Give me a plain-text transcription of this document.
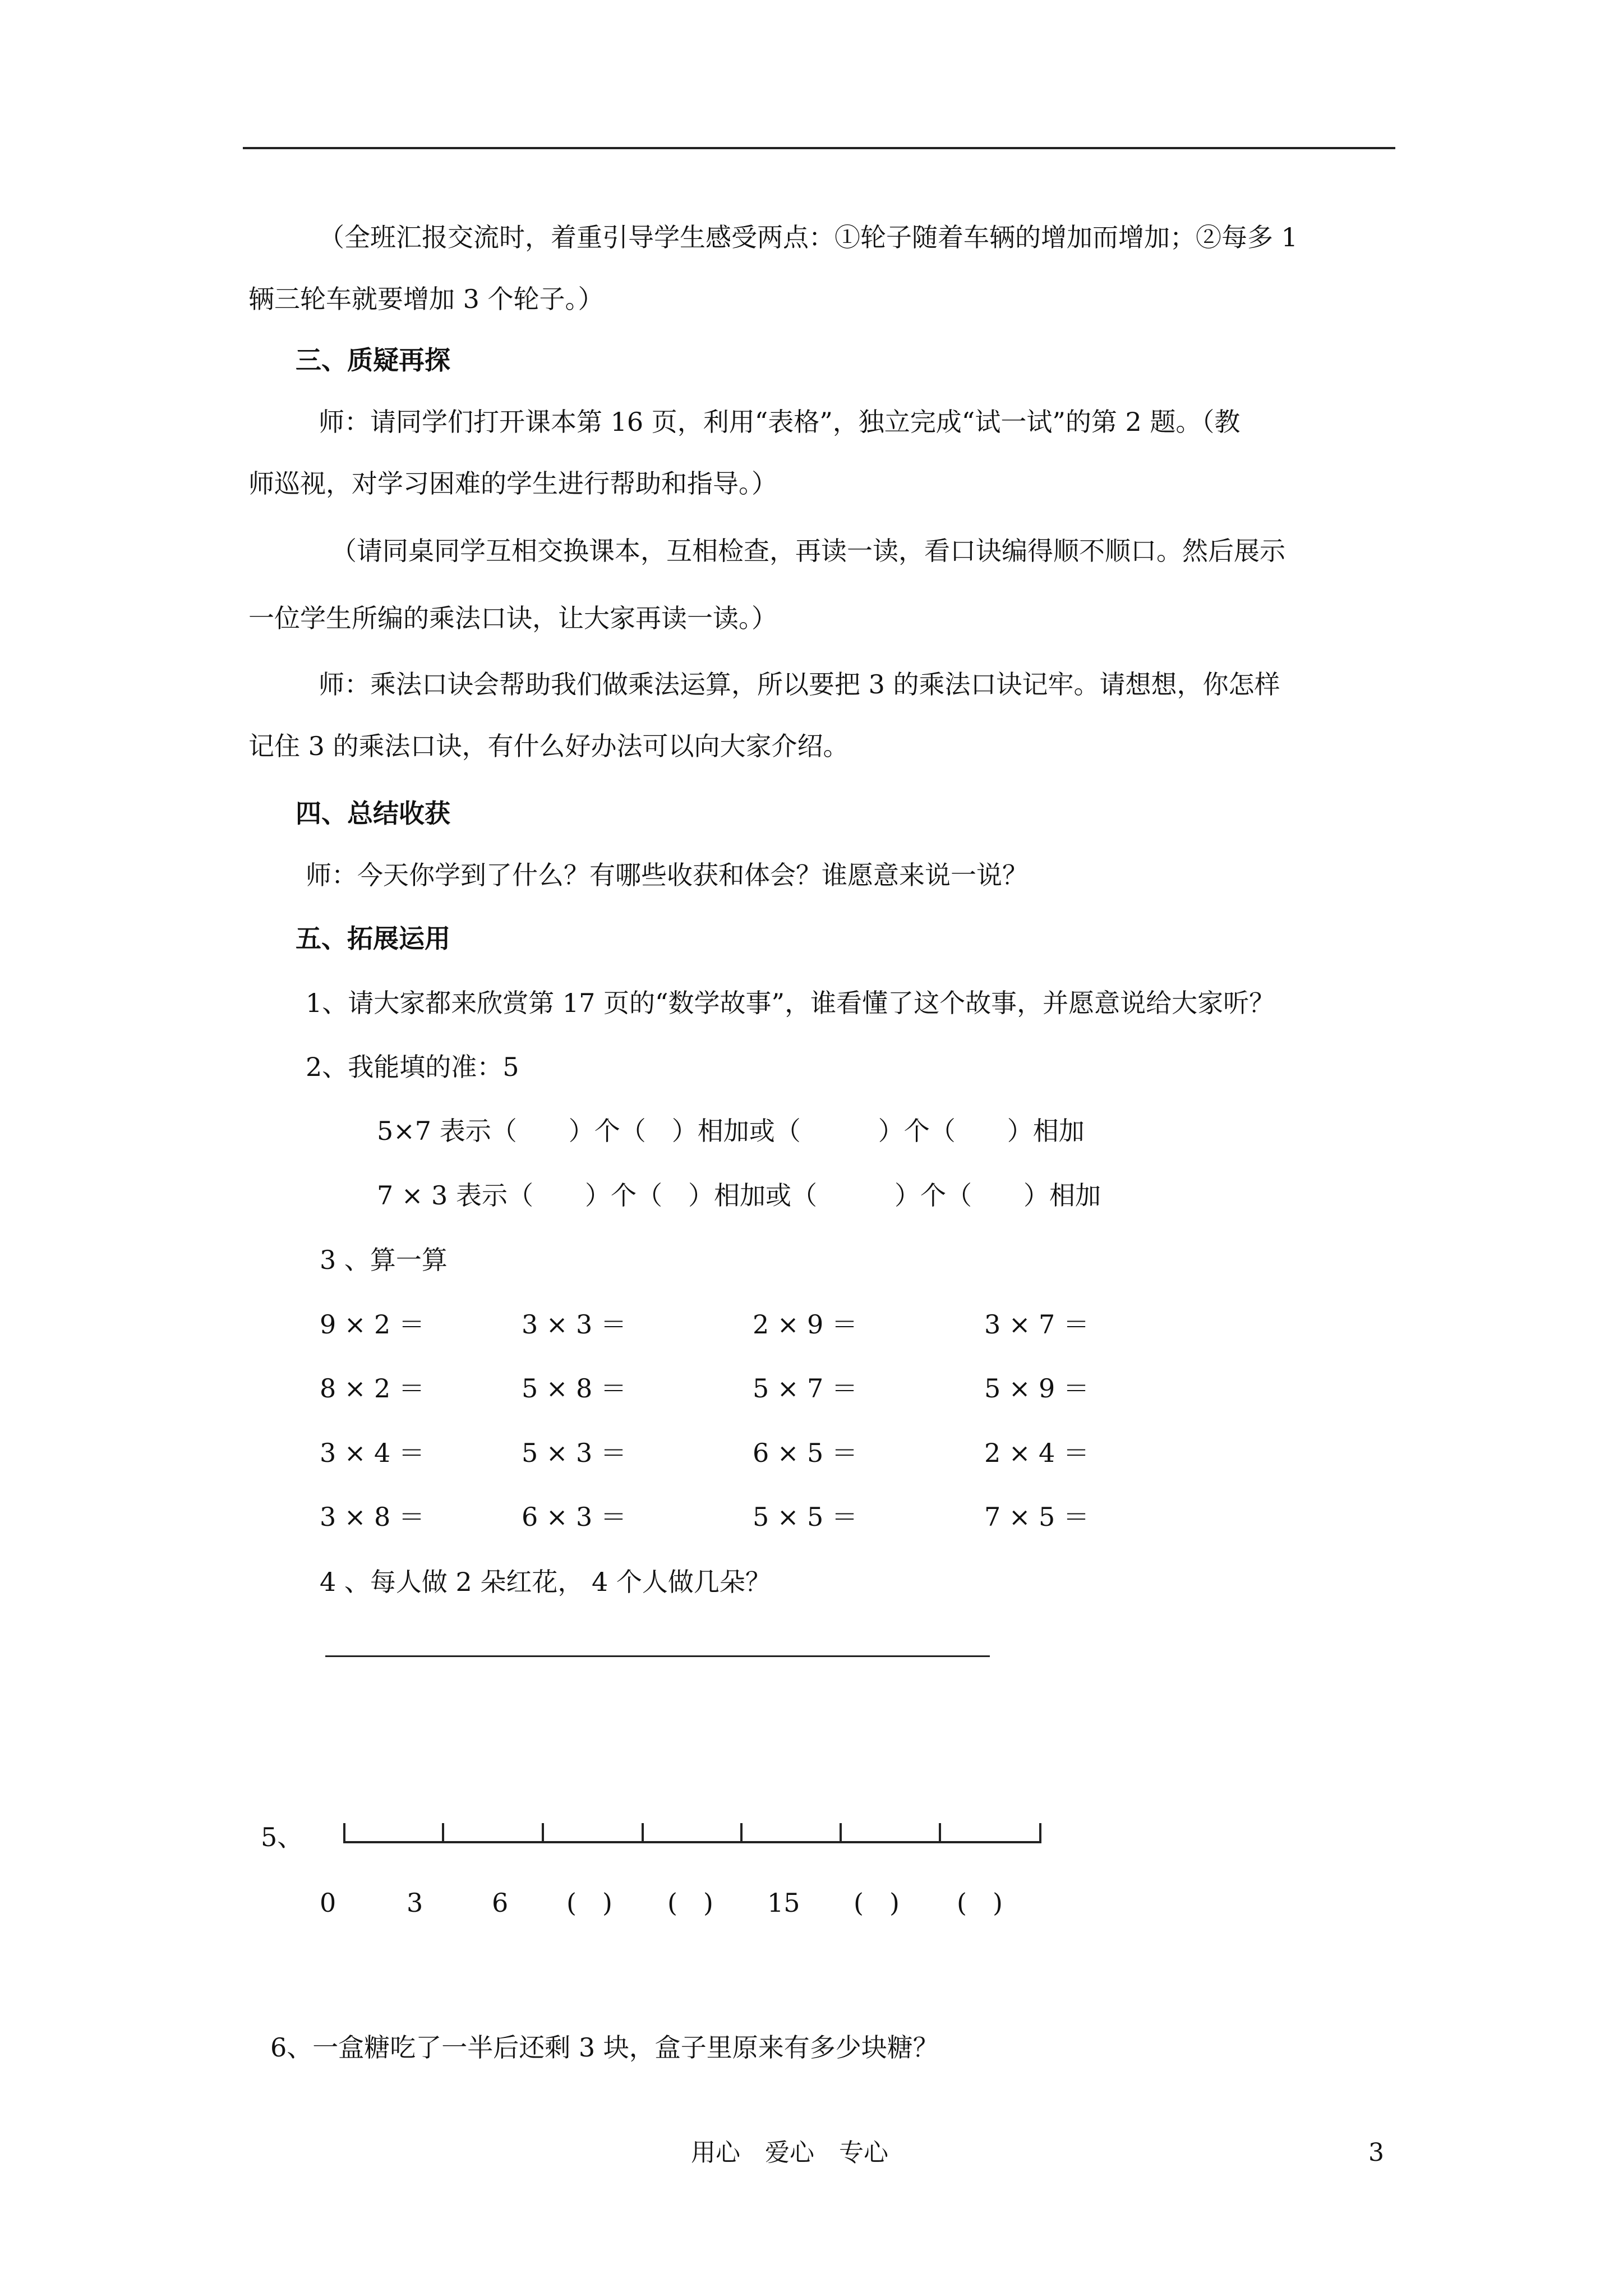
（全班汇报交流时，着重引导学生感受两点：①轮子随着车辆的增加而增加；②每多 1
辆三轮车就要增加 3 个轮子。）
三、质疑再探
师：请同学们打开课本第 16 页，利用“表格”，独立完成“试一试”的第 2 题。（教
师巡视，对学习困难的学生进行帮助和指导。）
（请同桌同学互相交换课本，互相检查，再读一读，看口诀编得顺不顺口。然后展示
一位学生所编的乘法口诀，让大家再读一读。）
师：乘法口诀会帮助我们做乘法运算，所以要把 3 的乘法口诀记牢。请想想，你怎样
记住 3 的乘法口诀，有什么好办法可以向大家介绍。
四、总结收获
师：今天你学到了什么？有哪些收获和体会？谁愿意来说一说？
五、拓展运用
1、请大家都来欣赏第 17 页的“数学故事”，谁看懂了这个故事，并愿意说给大家听？
2、我能填的准：5
5×7 表示（　　）个（　）相加或（　　　）个（　　）相加
7 × 3 表示（　　）个（　）相加或（　　　）个（　　）相加
3 、算一算
9 × 2 ＝	3 × 3 ＝	2 × 9 ＝	3 × 7 ＝
8 × 2 ＝	5 × 8 ＝	5 × 7 ＝	5 × 9 ＝
3 × 4 ＝	5 × 3 ＝	6 × 5 ＝	2 × 4 ＝
3 × 8 ＝	6 × 3 ＝	5 × 5 ＝	7 × 5 ＝
4 、每人做 2 朵红花， 4 个人做几朵？
5、
0	3	6 (　) (　) 15 (　) (　)
6、一盒糖吃了一半后还剩 3 块，盒子里原来有多少块糖？
用心　爱心　专心	3
